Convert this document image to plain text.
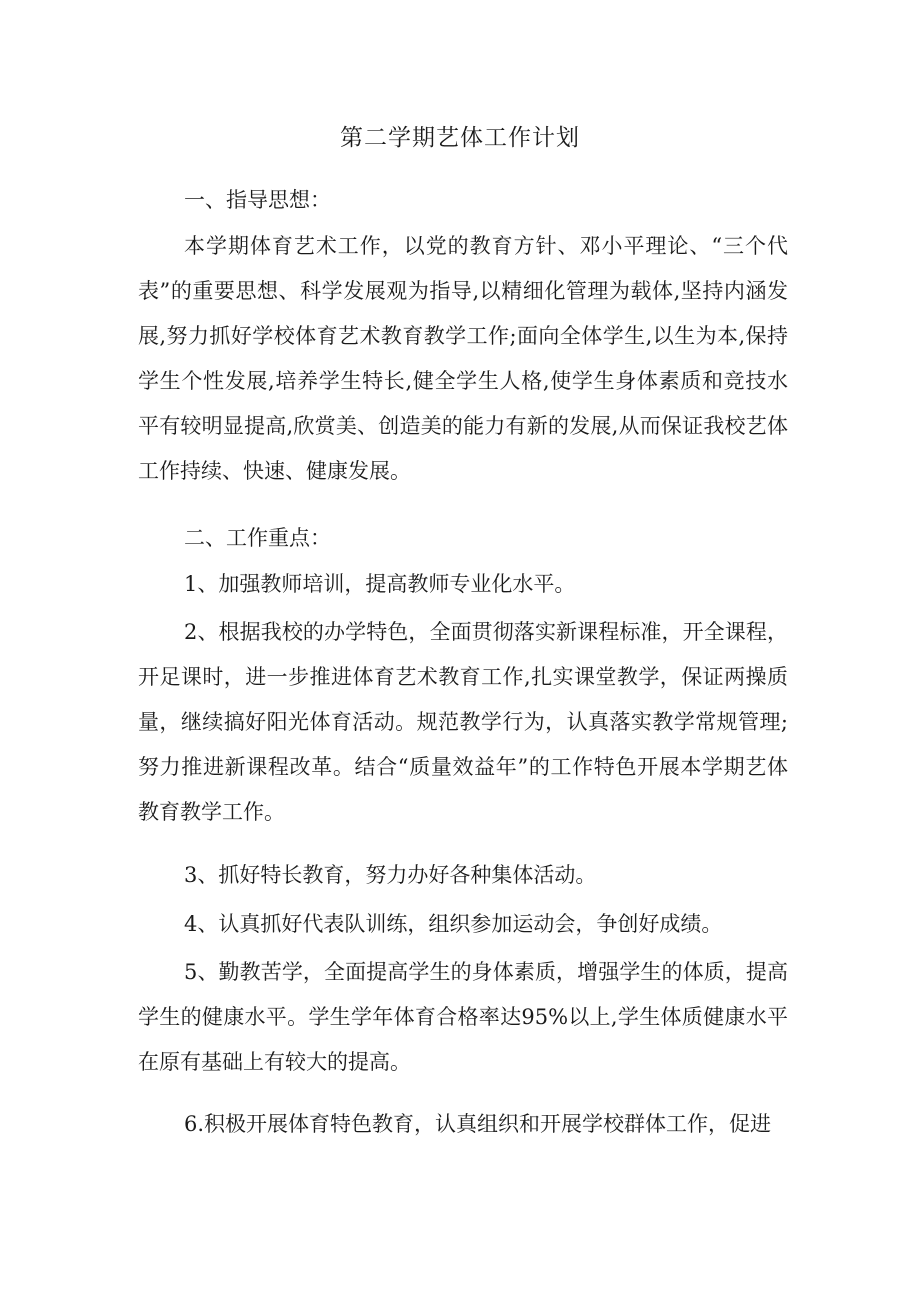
第二学期艺体工作计划
一、指导思想：
本学期体育艺术工作，以党的教育方针、邓小平理论、“三个代表”的重要思想、科学发展观为指导,以精细化管理为载体,坚持内涵发展,努力抓好学校体育艺术教育教学工作;面向全体学生,以生为本,保持学生个性发展,培养学生特长,健全学生人格,使学生身体素质和竞技水平有较明显提高,欣赏美、创造美的能力有新的发展,从而保证我校艺体工作持续、快速、健康发展。
二、工作重点：
1、加强教师培训，提高教师专业化水平。
2、根据我校的办学特色，全面贯彻落实新课程标准，开全课程，开足课时，进一步推进体育艺术教育工作,扎实课堂教学，保证两操质量，继续搞好阳光体育活动。规范教学行为，认真落实教学常规管理;努力推进新课程改革。结合“质量效益年”的工作特色开展本学期艺体教育教学工作。
3、抓好特长教育，努力办好各种集体活动。
4、认真抓好代表队训练，组织参加运动会，争创好成绩。
5、勤教苦学，全面提高学生的身体素质，增强学生的体质，提高学生的健康水平。学生学年体育合格率达95%以上,学生体质健康水平在原有基础上有较大的提高。
6.积极开展体育特色教育，认真组织和开展学校群体工作，促进
